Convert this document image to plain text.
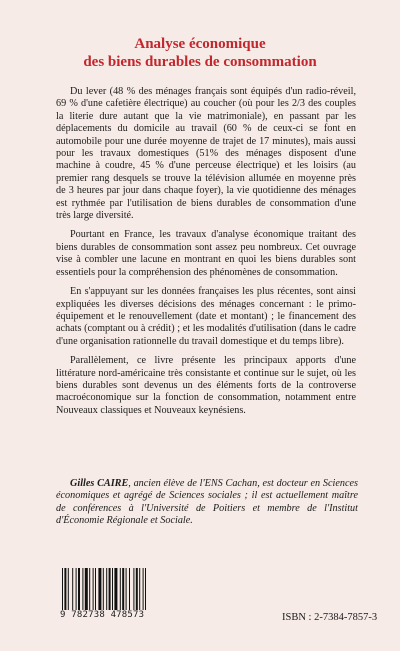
Analyse économique
des biens durables de consommation

Du lever (48 % des ménages français sont équipés d'un radio-réveil, 69 % d'une cafetière électrique) au coucher (où pour les 2/3 des couples la literie dure autant que la vie matrimoniale), en passant par les déplacements du domicile au travail (60 % de ceux-ci se font en automobile pour une durée moyenne de trajet de 17 minutes), mais aussi pour les travaux domestiques (51% des ménages disposent d'une machine à coudre, 45 % d'une perceuse électrique) et les loisirs (au premier rang desquels se trouve la télévision allumée en moyenne près de 3 heures par jour dans chaque foyer), la vie quotidienne des ménages est rythmée par l'utilisation de biens durables de consommation d'une très large diversité.

Pourtant en France, les travaux d'analyse économique traitant des biens durables de consommation sont assez peu nombreux. Cet ouvrage vise à combler une lacune en montrant en quoi les biens durables sont essentiels pour la compréhension des phénomènes de consommation.

En s'appuyant sur les données françaises les plus récentes, sont ainsi expliquées les diverses décisions des ménages concernant : le primo-équipement et le renouvellement (date et montant) ; le financement des achats (comptant ou à crédit) ; et les modalités d'utilisation (dans le cadre d'une organisation rationnelle du travail domestique et du temps libre).

Parallèlement, ce livre présente les principaux apports d'une littérature nord-américaine très consistante et continue sur le sujet, où les biens durables sont devenus un des éléments forts de la controverse macroéconomique sur la fonction de consommation, notamment entre Nouveaux classiques et Nouveaux keynésiens.

Gilles CAIRE, ancien élève de l'ENS Cachan, est docteur en Sciences économiques et agrégé de Sciences sociales ; il est actuellement maître de conférences à l'Université de Poitiers et membre de l'Institut d'Économie Régionale et Sociale.

9 782738 478573	ISBN : 2-7384-7857-3
